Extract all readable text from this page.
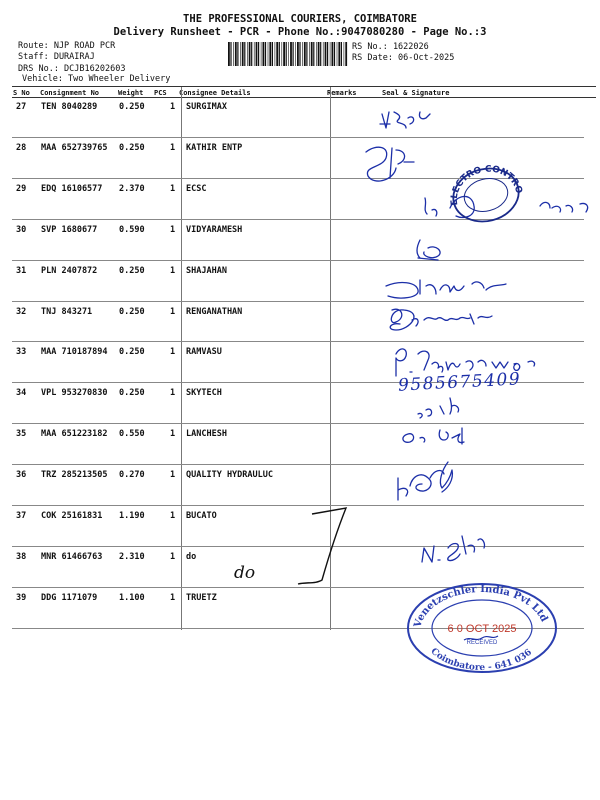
THE PROFESSIONAL COURIERS, COIMBATORE
Delivery Runsheet - PCR - Phone No.:9047080280 - Page No.:3
Route: NJP ROAD PCR
Staff: DURAIRAJ
DRS No.: DCJB16202603
Vehicle: Two Wheeler Delivery
RS No.: 1622026
RS Date: 06-Oct-2025
S No Consignment No	Weight PCS Consignee Details	Remarks	Seal & Signature
27 TEN 8040289	0.250	1 SURGIMAX
28 MAA 652739765 0.250	1 KATHIR ENTP
29 EDQ 16106577 2.370	1 ECSC
30 SVP 1680677	0.590	1 VIDYARAMESH
31 PLN 2407872	0.250	1 SHAJAHAN
32 TNJ 843271	0.250	1 RENGANATHAN
33 MAA 710187894 0.250	1 RAMVASU
34 VPL 953270830 0.250	1 SKYTECH
35 MAA 651223182 0.550	1 LANCHESH
36 TRZ 285213505 0.270	1 QUALITY HYDRAULUC
37 COK 25161831 1.190	1 BUCATO
38 MNR 61466763 2.310	1 do
39 DDG 1171079	1.100	1 TRUETZ
do
9585675409
ELECTRO CONTROLS
Venetzschler India Pvt Ltd
Coimbatore - 641 036
6 0 OCT 2025
RECEIVED
